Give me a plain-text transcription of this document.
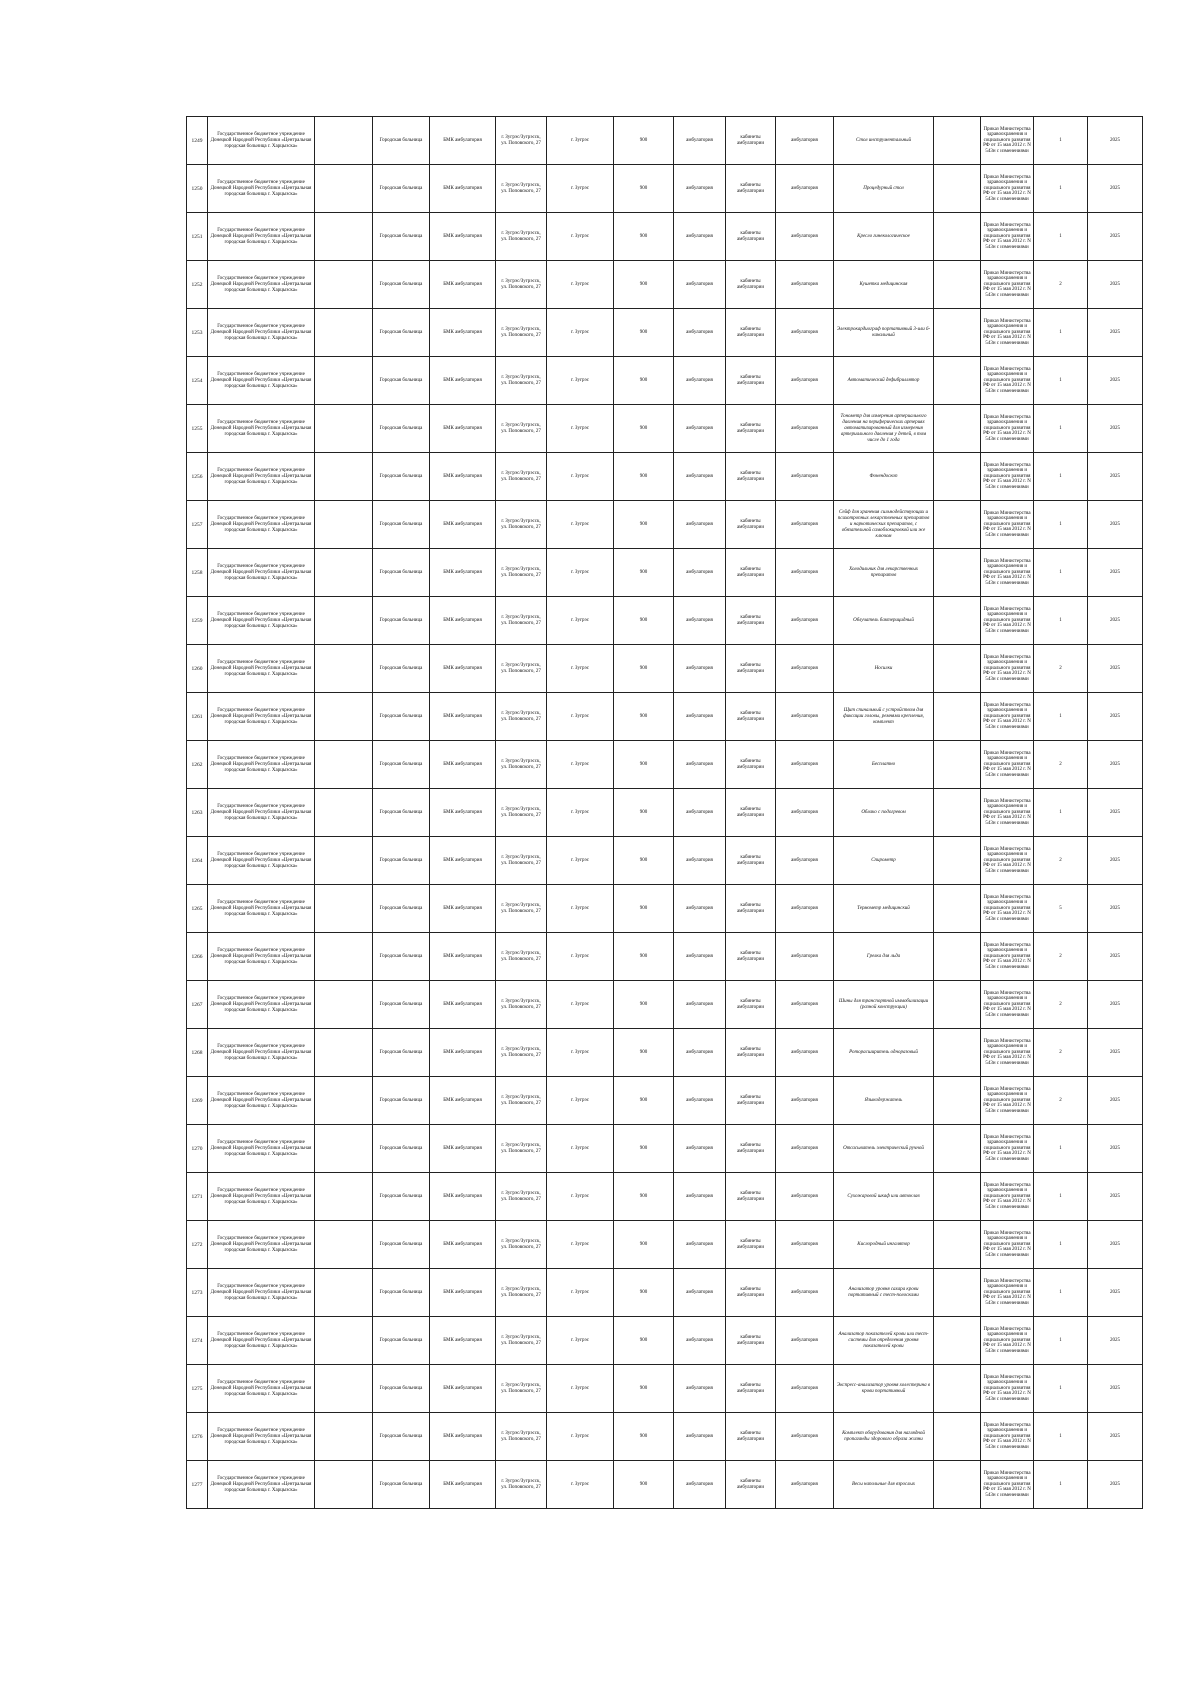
1249	Государственное бюджетное учреждение Донецкой Народной Республики «Центральная городская больница г. Харцызска»		Городская больница	БМК амбулатория	г. Зугрэс/Зугрэсск, ул. Поповского, 27	г. Зугрэс	900	амбулатория	кабинеты амбулатории	амбулатория	Стол инструментальный		Приказ Министерства здравоохранения и социального развития РФ от 15 мая 2012 г. N 543н с изменениями	1	2025
1250	Государственное бюджетное учреждение Донецкой Народной Республики «Центральная городская больница г. Харцызска»		Городская больница	БМК амбулатория	г. Зугрэс/Зугрэсск, ул. Поповского, 27	г. Зугрэс	900	амбулатория	кабинеты амбулатории	амбулатория	Процедурный стол		Приказ Министерства здравоохранения и социального развития РФ от 15 мая 2012 г. N 543н с изменениями	1	2025
1251	Государственное бюджетное учреждение Донецкой Народной Республики «Центральная городская больница г. Харцызска»		Городская больница	БМК амбулатория	г. Зугрэс/Зугрэсск, ул. Поповского, 27	г. Зугрэс	900	амбулатория	кабинеты амбулатории	амбулатория	Кресло гинекологическое		Приказ Министерства здравоохранения и социального развития РФ от 15 мая 2012 г. N 543н с изменениями	1	2025
1252	Государственное бюджетное учреждение Донецкой Народной Республики «Центральная городская больница г. Харцызска»		Городская больница	БМК амбулатория	г. Зугрэс/Зугрэсск, ул. Поповского, 27	г. Зугрэс	900	амбулатория	кабинеты амбулатории	амбулатория	Кушетка медицинская		Приказ Министерства здравоохранения и социального развития РФ от 15 мая 2012 г. N 543н с изменениями	2	2025
1253	Государственное бюджетное учреждение Донецкой Народной Республики «Центральная городская больница г. Харцызска»		Городская больница	БМК амбулатория	г. Зугрэс/Зугрэсск, ул. Поповского, 27	г. Зугрэс	900	амбулатория	кабинеты амбулатории	амбулатория	Электрокардиограф портативный 3-или 6-канальный		Приказ Министерства здравоохранения и социального развития РФ от 15 мая 2012 г. N 543н с изменениями	1	2025
1254	Государственное бюджетное учреждение Донецкой Народной Республики «Центральная городская больница г. Харцызска»		Городская больница	БМК амбулатория	г. Зугрэс/Зугрэсск, ул. Поповского, 27	г. Зугрэс	900	амбулатория	кабинеты амбулатории	амбулатория	Автоматический дефибриллятор		Приказ Министерства здравоохранения и социального развития РФ от 15 мая 2012 г. N 543н с изменениями	1	2025
1255	Государственное бюджетное учреждение Донецкой Народной Республики «Центральная городская больница г. Харцызска»		Городская больница	БМК амбулатория	г. Зугрэс/Зугрэсск, ул. Поповского, 27	г. Зугрэс	900	амбулатория	кабинеты амбулатории	амбулатория	Тонометр для измерения артериального давления на периферических артериях автоматизированный для измерения артериального давления у детей, в том числе до 1 года		Приказ Министерства здравоохранения и социального развития РФ от 15 мая 2012 г. N 543н с изменениями	1	2025
1256	Государственное бюджетное учреждение Донецкой Народной Республики «Центральная городская больница г. Харцызска»		Городская больница	БМК амбулатория	г. Зугрэс/Зугрэсск, ул. Поповского, 27	г. Зугрэс	900	амбулатория	кабинеты амбулатории	амбулатория	Фонендоскоп		Приказ Министерства здравоохранения и социального развития РФ от 15 мая 2012 г. N 543н с изменениями	1	2025
1257	Государственное бюджетное учреждение Донецкой Народной Республики «Центральная городская больница г. Харцызска»		Городская больница	БМК амбулатория	г. Зугрэс/Зугрэсск, ул. Поповского, 27	г. Зугрэс	900	амбулатория	кабинеты амбулатории	амбулатория	Сейф для хранения сильнодействующих и психотропных лекарственных препаратов и наркотических препаратов, с обязательной самоблокировкой или же ключом		Приказ Министерства здравоохранения и социального развития РФ от 15 мая 2012 г. N 543н с изменениями	1	2025
1258	Государственное бюджетное учреждение Донецкой Народной Республики «Центральная городская больница г. Харцызска»		Городская больница	БМК амбулатория	г. Зугрэс/Зугрэсск, ул. Поповского, 27	г. Зугрэс	900	амбулатория	кабинеты амбулатории	амбулатория	Холодильник для лекарственных препаратов		Приказ Министерства здравоохранения и социального развития РФ от 15 мая 2012 г. N 543н с изменениями	1	2025
1259	Государственное бюджетное учреждение Донецкой Народной Республики «Центральная городская больница г. Харцызска»		Городская больница	БМК амбулатория	г. Зугрэс/Зугрэсск, ул. Поповского, 27	г. Зугрэс	900	амбулатория	кабинеты амбулатории	амбулатория	Облучатель бактерицидный		Приказ Министерства здравоохранения и социального развития РФ от 15 мая 2012 г. N 543н с изменениями	1	2025
1260	Государственное бюджетное учреждение Донецкой Народной Республики «Центральная городская больница г. Харцызска»		Городская больница	БМК амбулатория	г. Зугрэс/Зугрэсск, ул. Поповского, 27	г. Зугрэс	900	амбулатория	кабинеты амбулатории	амбулатория	Носилки		Приказ Министерства здравоохранения и социального развития РФ от 15 мая 2012 г. N 543н с изменениями	2	2025
1261	Государственное бюджетное учреждение Донецкой Народной Республики «Центральная городская больница г. Харцызска»		Городская больница	БМК амбулатория	г. Зугрэс/Зугрэсск, ул. Поповского, 27	г. Зугрэс	900	амбулатория	кабинеты амбулатории	амбулатория	Щит спинальный с устройством для фиксации головы, ремнями крепления, комплект		Приказ Министерства здравоохранения и социального развития РФ от 15 мая 2012 г. N 543н с изменениями	1	2025
1262	Государственное бюджетное учреждение Донецкой Народной Республики «Центральная городская больница г. Харцызска»		Городская больница	БМК амбулатория	г. Зугрэс/Зугрэсск, ул. Поповского, 27	г. Зугрэс	900	амбулатория	кабинеты амбулатории	амбулатория	Бесплатно		Приказ Министерства здравоохранения и социального развития РФ от 15 мая 2012 г. N 543н с изменениями	2	2025
1263	Государственное бюджетное учреждение Донецкой Народной Республики «Центральная городская больница г. Харцызска»		Городская больница	БМК амбулатория	г. Зугрэс/Зугрэсск, ул. Поповского, 27	г. Зугрэс	900	амбулатория	кабинеты амбулатории	амбулатория	Облако с подогревом		Приказ Министерства здравоохранения и социального развития РФ от 15 мая 2012 г. N 543н с изменениями	1	2025
1264	Государственное бюджетное учреждение Донецкой Народной Республики «Центральная городская больница г. Харцызска»		Городская больница	БМК амбулатория	г. Зугрэс/Зугрэсск, ул. Поповского, 27	г. Зугрэс	900	амбулатория	кабинеты амбулатории	амбулатория	Спирометр		Приказ Министерства здравоохранения и социального развития РФ от 15 мая 2012 г. N 543н с изменениями	2	2025
1265	Государственное бюджетное учреждение Донецкой Народной Республики «Центральная городская больница г. Харцызска»		Городская больница	БМК амбулатория	г. Зугрэс/Зугрэсск, ул. Поповского, 27	г. Зугрэс	900	амбулатория	кабинеты амбулатории	амбулатория	Термометр медицинский		Приказ Министерства здравоохранения и социального развития РФ от 15 мая 2012 г. N 543н с изменениями	5	2025
1266	Государственное бюджетное учреждение Донецкой Народной Республики «Центральная городская больница г. Харцызска»		Городская больница	БМК амбулатория	г. Зугрэс/Зугрэсск, ул. Поповского, 27	г. Зугрэс	900	амбулатория	кабинеты амбулатории	амбулатория	Грелка для льда		Приказ Министерства здравоохранения и социального развития РФ от 15 мая 2012 г. N 543н с изменениями	2	2025
1267	Государственное бюджетное учреждение Донецкой Народной Республики «Центральная городская больница г. Харцызска»		Городская больница	БМК амбулатория	г. Зугрэс/Зугрэсск, ул. Поповского, 27	г. Зугрэс	900	амбулатория	кабинеты амбулатории	амбулатория	Шины для транспортной иммобилизации (разной конструкции)		Приказ Министерства здравоохранения и социального развития РФ от 15 мая 2012 г. N 543н с изменениями	2	2025
1268	Государственное бюджетное учреждение Донецкой Народной Республики «Центральная городская больница г. Харцызска»		Городская больница	БМК амбулатория	г. Зугрэс/Зугрэсск, ул. Поповского, 27	г. Зугрэс	900	амбулатория	кабинеты амбулатории	амбулатория	Роторасширитель одноразовый		Приказ Министерства здравоохранения и социального развития РФ от 15 мая 2012 г. N 543н с изменениями	2	2025
1269	Государственное бюджетное учреждение Донецкой Народной Республики «Центральная городская больница г. Харцызска»		Городская больница	БМК амбулатория	г. Зугрэс/Зугрэсск, ул. Поповского, 27	г. Зугрэс	900	амбулатория	кабинеты амбулатории	амбулатория	Языкодержатель		Приказ Министерства здравоохранения и социального развития РФ от 15 мая 2012 г. N 543н с изменениями	2	2025
1270	Государственное бюджетное учреждение Донецкой Народной Республики «Центральная городская больница г. Харцызска»		Городская больница	БМК амбулатория	г. Зугрэс/Зугрэсск, ул. Поповского, 27	г. Зугрэс	900	амбулатория	кабинеты амбулатории	амбулатория	Отсасыватель электрический ручной		Приказ Министерства здравоохранения и социального развития РФ от 15 мая 2012 г. N 543н с изменениями	1	2025
1271	Государственное бюджетное учреждение Донецкой Народной Республики «Центральная городская больница г. Харцызска»		Городская больница	БМК амбулатория	г. Зугрэс/Зугрэсск, ул. Поповского, 27	г. Зугрэс	900	амбулатория	кабинеты амбулатории	амбулатория	Сухожаровой шкаф или автоклав		Приказ Министерства здравоохранения и социального развития РФ от 15 мая 2012 г. N 543н с изменениями	1	2025
1272	Государственное бюджетное учреждение Донецкой Народной Республики «Центральная городская больница г. Харцызска»		Городская больница	БМК амбулатория	г. Зугрэс/Зугрэсск, ул. Поповского, 27	г. Зугрэс	900	амбулатория	кабинеты амбулатории	амбулатория	Кислородный ингалятор		Приказ Министерства здравоохранения и социального развития РФ от 15 мая 2012 г. N 543н с изменениями	1	2025
1273	Государственное бюджетное учреждение Донецкой Народной Республики «Центральная городская больница г. Харцызска»		Городская больница	БМК амбулатория	г. Зугрэс/Зугрэсск, ул. Поповского, 27	г. Зугрэс	900	амбулатория	кабинеты амбулатории	амбулатория	Анализатор уровня сахара крови портативный с тест-полосками		Приказ Министерства здравоохранения и социального развития РФ от 15 мая 2012 г. N 543н с изменениями	1	2025
1274	Государственное бюджетное учреждение Донецкой Народной Республики «Центральная городская больница г. Харцызска»		Городская больница	БМК амбулатория	г. Зугрэс/Зугрэсск, ул. Поповского, 27	г. Зугрэс	900	амбулатория	кабинеты амбулатории	амбулатория	Анализатор показателей крови или тест-системы для определения уровня показателей крови		Приказ Министерства здравоохранения и социального развития РФ от 15 мая 2012 г. N 543н с изменениями	1	2025
1275	Государственное бюджетное учреждение Донецкой Народной Республики «Центральная городская больница г. Харцызска»		Городская больница	БМК амбулатория	г. Зугрэс/Зугрэсск, ул. Поповского, 27	г. Зугрэс	900	амбулатория	кабинеты амбулатории	амбулатория	Экспресс-анализатор уровня холестерина в крови портативный		Приказ Министерства здравоохранения и социального развития РФ от 15 мая 2012 г. N 543н с изменениями	1	2025
1276	Государственное бюджетное учреждение Донецкой Народной Республики «Центральная городская больница г. Харцызска»		Городская больница	БМК амбулатория	г. Зугрэс/Зугрэсск, ул. Поповского, 27	г. Зугрэс	900	амбулатория	кабинеты амбулатории	амбулатория	Комплект оборудования для наглядной пропаганды здорового образа жизни		Приказ Министерства здравоохранения и социального развития РФ от 15 мая 2012 г. N 543н с изменениями	1	2025
1277	Государственное бюджетное учреждение Донецкой Народной Республики «Центральная городская больница г. Харцызска»		Городская больница	БМК амбулатория	г. Зугрэс/Зугрэсск, ул. Поповского, 27	г. Зугрэс	900	амбулатория	кабинеты амбулатории	амбулатория	Весы напольные для взрослых		Приказ Министерства здравоохранения и социального развития РФ от 15 мая 2012 г. N 543н с изменениями	1	2025
